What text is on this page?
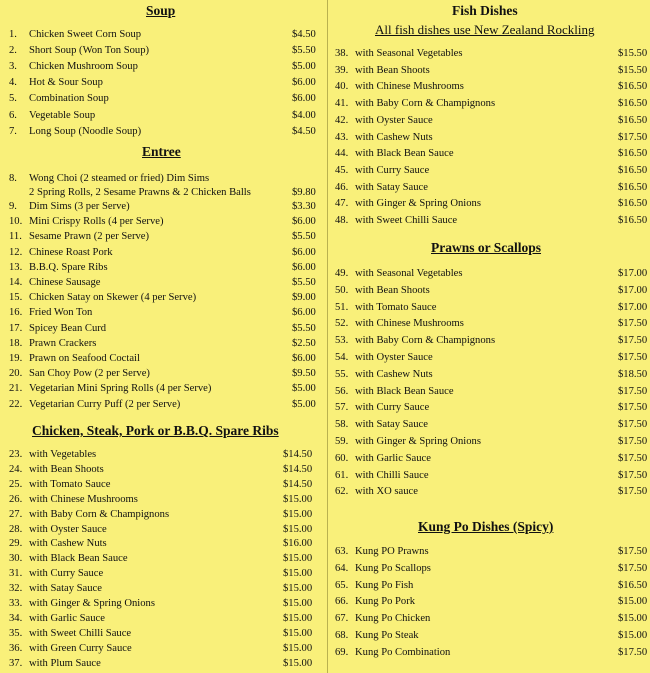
Soup
1. Chicken Sweet Corn Soup	$4.50
2. Short Soup (Won Ton Soup)	$5.50
3. Chicken Mushroom Soup	$5.00
4. Hot & Sour Soup	$6.00
5. Combination Soup	$6.00
6. Vegetable Soup	$4.00
7. Long Soup (Noodle Soup)	$4.50
Entree
8. Wong Choi (2 steamed or fried) Dim Sims
2 Spring Rolls, 2 Sesame Prawns & 2 Chicken Balls	$9.80
9. Dim Sims (3 per Serve)	$3.30
10. Mini Crispy Rolls (4 per Serve)	$6.00
11. Sesame Prawn (2 per Serve)	$5.50
12. Chinese Roast Pork	$6.00
13. B.B.Q. Spare Ribs	$6.00
14. Chinese Sausage	$5.50
15. Chicken Satay on Skewer (4 per Serve)	$9.00
16. Fried Won Ton	$6.00
17. Spicey Bean Curd	$5.50
18. Prawn Crackers	$2.50
19. Prawn on Seafood Coctail	$6.00
20. San Choy Pow (2 per Serve)	$9.50
21. Vegetarian Mini Spring Rolls (4 per Serve)	$5.00
22. Vegetarian Curry Puff (2 per Serve)	$5.00
Chicken, Steak, Pork or B.B.Q. Spare Ribs
23. with Vegetables	$14.50
24. with Bean Shoots	$14.50
25. with Tomato Sauce	$14.50
26. with Chinese Mushrooms	$15.00
27. with Baby Corn & Champignons	$15.00
28. with Oyster Sauce	$15.00
29. with Cashew Nuts	$16.00
30. with Black Bean Sauce	$15.00
31. with Curry Sauce	$15.00
32. with Satay Sauce	$15.00
33. with Ginger & Spring Onions	$15.00
34. with Garlic Sauce	$15.00
35. with Sweet Chilli Sauce	$15.00
36. with Green Curry Sauce	$15.00
37. with Plum Sauce	$15.00
Fish Dishes
All fish dishes use New Zealand Rockling
38. with Seasonal Vegetables	$15.50
39. with Bean Shoots	$15.50
40. with Chinese Mushrooms	$16.50
41. with Baby Corn & Champignons	$16.50
42. with Oyster Sauce	$16.50
43. with Cashew Nuts	$17.50
44. with Black Bean Sauce	$16.50
45. with Curry Sauce	$16.50
46. with Satay Sauce	$16.50
47. with Ginger & Spring Onions	$16.50
48. with Sweet Chilli Sauce	$16.50
Prawns or Scallops
49. with Seasonal Vegetables	$17.00
50. with Bean Shoots	$17.00
51. with Tomato Sauce	$17.00
52. with Chinese Mushrooms	$17.50
53. with Baby Corn & Champignons	$17.50
54. with Oyster Sauce	$17.50
55. with Cashew Nuts	$18.50
56. with Black Bean Sauce	$17.50
57. with Curry Sauce	$17.50
58. with Satay Sauce	$17.50
59. with Ginger & Spring Onions	$17.50
60. with Garlic Sauce	$17.50
61. with Chilli Sauce	$17.50
62. with XO sauce	$17.50
Kung Po Dishes (Spicy)
63. Kung PO Prawns	$17.50
64. Kung Po Scallops	$17.50
65. Kung Po Fish	$16.50
66. Kung Po Pork	$15.00
67. Kung Po Chicken	$15.00
68. Kung Po Steak	$15.00
69. Kung Po Combination	$17.50
